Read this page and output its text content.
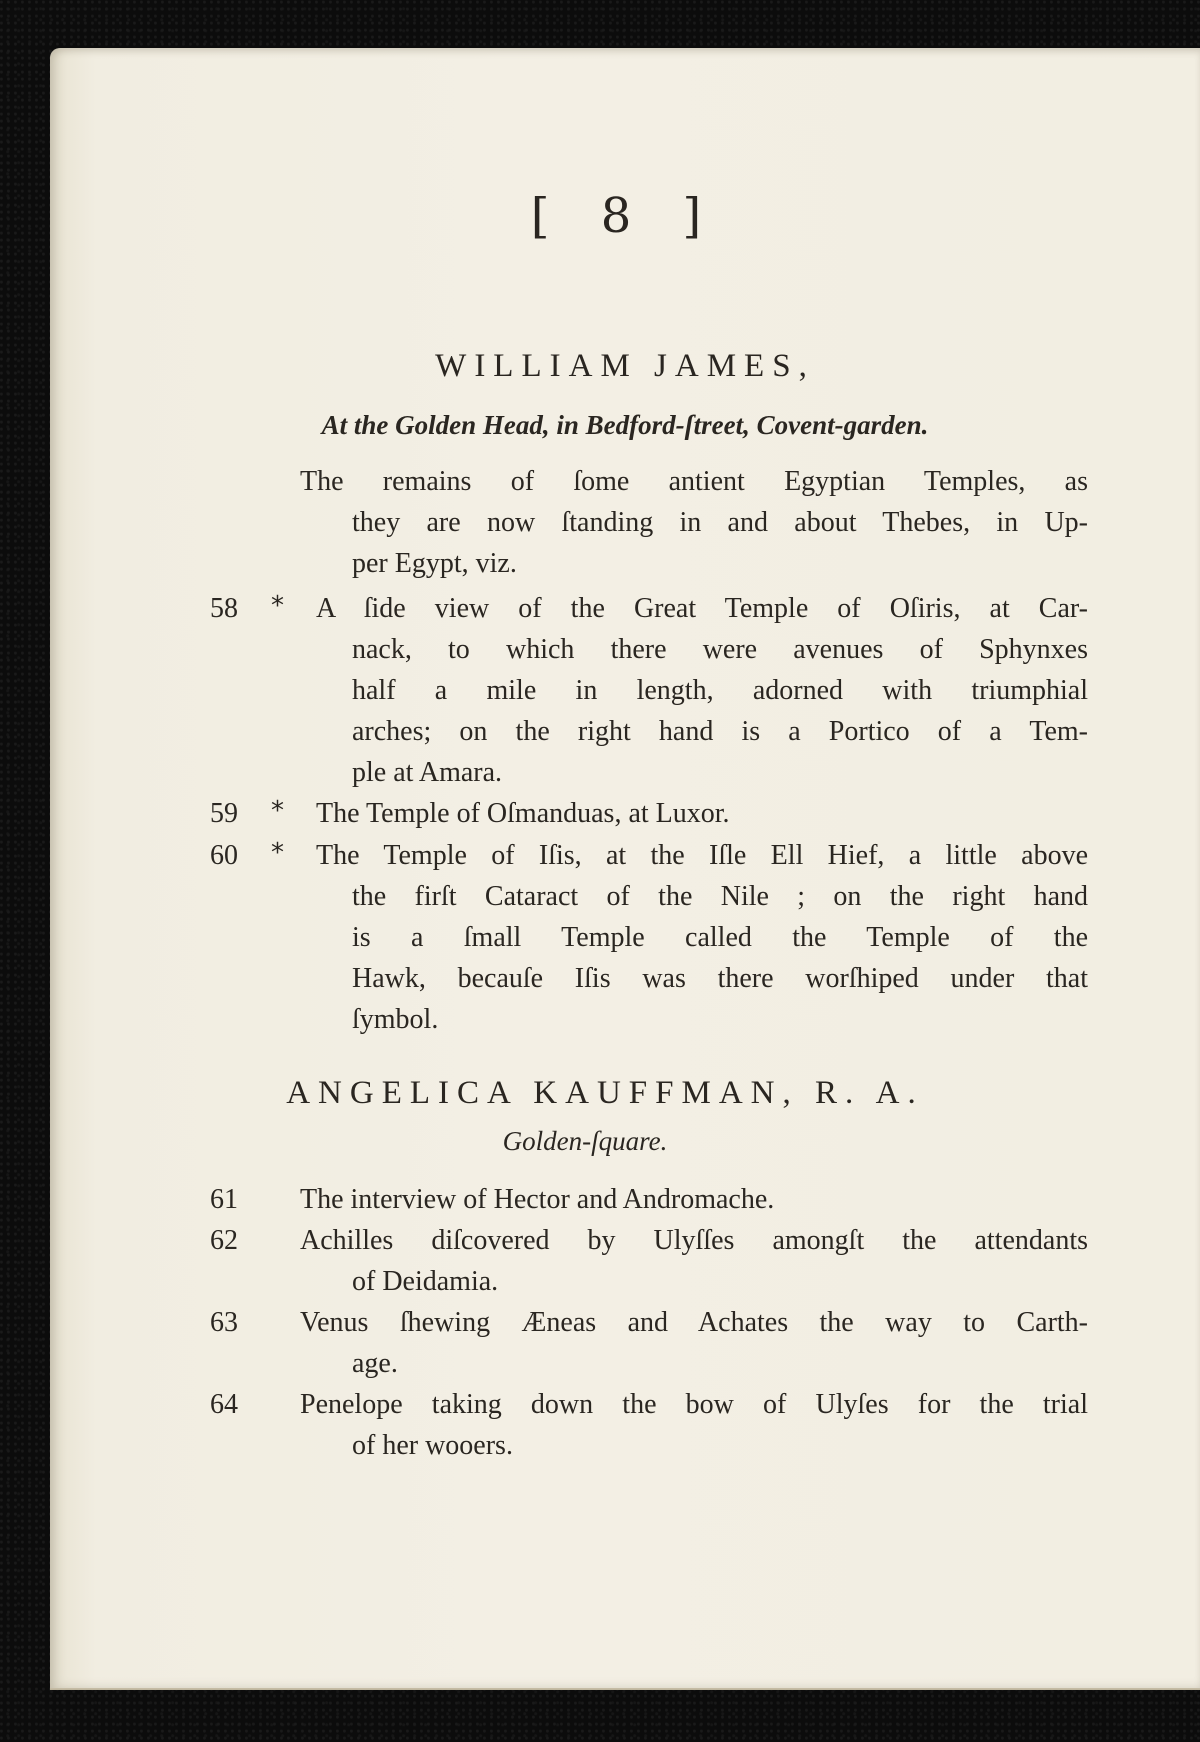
[ 8 ]
WILLIAM JAMES,
At the Golden Head, in Bedford-ſtreet, Covent-garden.
The remains of ſome antient Egyptian Temples, as
they are now ſtanding in and about Thebes, in Up-
per Egypt, viz.
58 * A ſide view of the Great Temple of Oſiris, at Car-
nack, to which there were avenues of Sphynxes
half a mile in length, adorned with triumphial
arches; on the right hand is a Portico of a Tem-
ple at Amara.
59 * The Temple of Oſmanduas, at Luxor.
60 * The Temple of Iſis, at the Iſle Ell Hief, a little above
the firſt Cataract of the Nile ; on the right hand
is a ſmall Temple called the Temple of the
Hawk, becauſe Iſis was there worſhiped under that
ſymbol.
ANGELICA KAUFFMAN, R. A.
Golden-ſquare.
61 The interview of Hector and Andromache.
62 Achilles diſcovered by Ulyſſes amongſt the attendants
of Deidamia.
63 Venus ſhewing Æneas and Achates the way to Carth-
age.
64 Penelope taking down the bow of Ulyſes for the trial
of her wooers.
